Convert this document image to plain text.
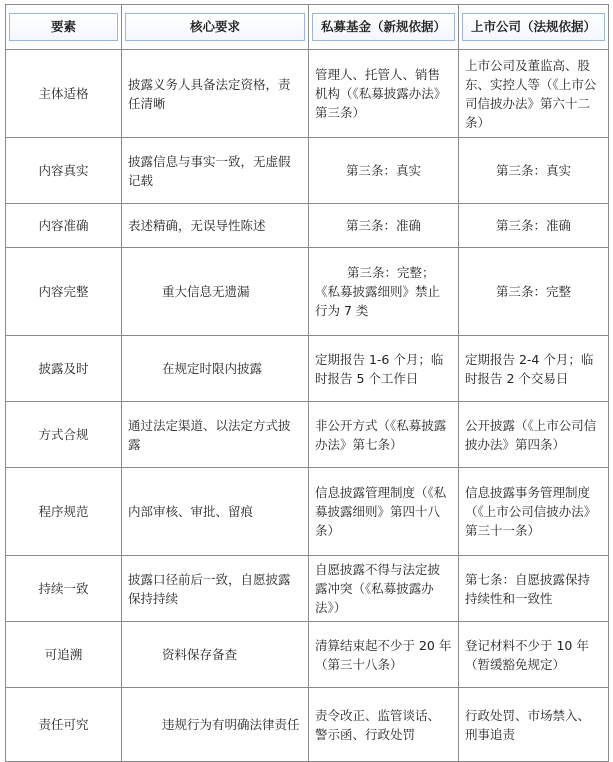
要素	核心要求	私募基金（新规依据）	上市公司（法规依据）

主体适格	披露义务人具备法定资格，责任清晰	管理人、托管人、销售机构（《私募披露办法》第三条）	上市公司及董监高、股东、实控人等（《上市公司信披办法》第六十二条）
内容真实	披露信息与事实一致，无虚假记载	第三条：真实	第三条：真实
内容准确	表述精确，无误导性陈述	第三条：准确	第三条：准确
内容完整	重大信息无遗漏	第三条：完整；《私募披露细则》禁止行为 7 类	第三条：完整
披露及时	在规定时限内披露	定期报告 1-6 个月；临时报告 5 个工作日	定期报告 2-4 个月；临时报告 2 个交易日
方式合规	通过法定渠道、以法定方式披露	非公开方式（《私募披露办法》第七条）	公开披露（《上市公司信披办法》第四条）
程序规范	内部审核、审批、留痕	信息披露管理制度（《私募披露细则》第四十八条）	信息披露事务管理制度（《上市公司信披办法》第三十一条）
持续一致	披露口径前后一致，自愿披露保持持续	自愿披露不得与法定披露冲突（《私募披露办法》）	第七条：自愿披露保持持续性和一致性
可追溯	资料保存备查	清算结束起不少于 20 年（第三十八条）	登记材料不少于 10 年（暂缓豁免规定）
责任可究	违规行为有明确法律责任	责令改正、监管谈话、警示函、行政处罚	行政处罚、市场禁入、刑事追责
